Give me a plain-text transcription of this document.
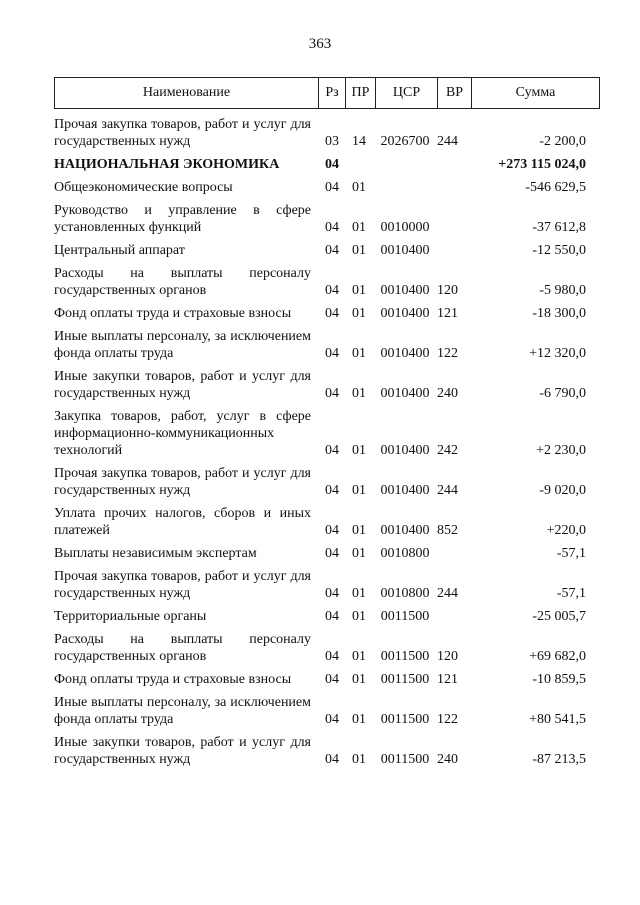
363
Наименование	Рз ПР	ЦСР	ВР	Сумма
Прочая закупка товаров, работ и услуг для государственных нужд	03 14	2026700 244	-2 200,0
НАЦИОНАЛЬНАЯ ЭКОНОМИКА	04	+273 115 024,0
Общеэкономические вопросы	04 01	-546 629,5
Руководство и управление в сфере установленных функций	04 01	0010000	-37 612,8
Центральный аппарат	04 01	0010400	-12 550,0
Расходы на выплаты персоналу государственных органов	04 01	0010400 120	-5 980,0
Фонд оплаты труда и страховые взносы	04 01	0010400 121	-18 300,0
Иные выплаты персоналу, за исключением фонда оплаты труда	04 01	0010400 122	+12 320,0
Иные закупки товаров, работ и услуг для государственных нужд	04 01	0010400 240	-6 790,0
Закупка товаров, работ, услуг в сфере информационно-коммуникационных технологий	04 01	0010400 242	+2 230,0
Прочая закупка товаров, работ и услуг для государственных нужд	04 01	0010400 244	-9 020,0
Уплата прочих налогов, сборов и иных платежей	04 01	0010400 852	+220,0
Выплаты независимым экспертам	04 01	0010800	-57,1
Прочая закупка товаров, работ и услуг для государственных нужд	04 01	0010800 244	-57,1
Территориальные органы	04 01	0011500	-25 005,7
Расходы на выплаты персоналу государственных органов	04 01	0011500 120	+69 682,0
Фонд оплаты труда и страховые взносы	04 01	0011500 121	-10 859,5
Иные выплаты персоналу, за исключением фонда оплаты труда	04 01	0011500 122	+80 541,5
Иные закупки товаров, работ и услуг для государственных нужд	04 01	0011500 240	-87 213,5
